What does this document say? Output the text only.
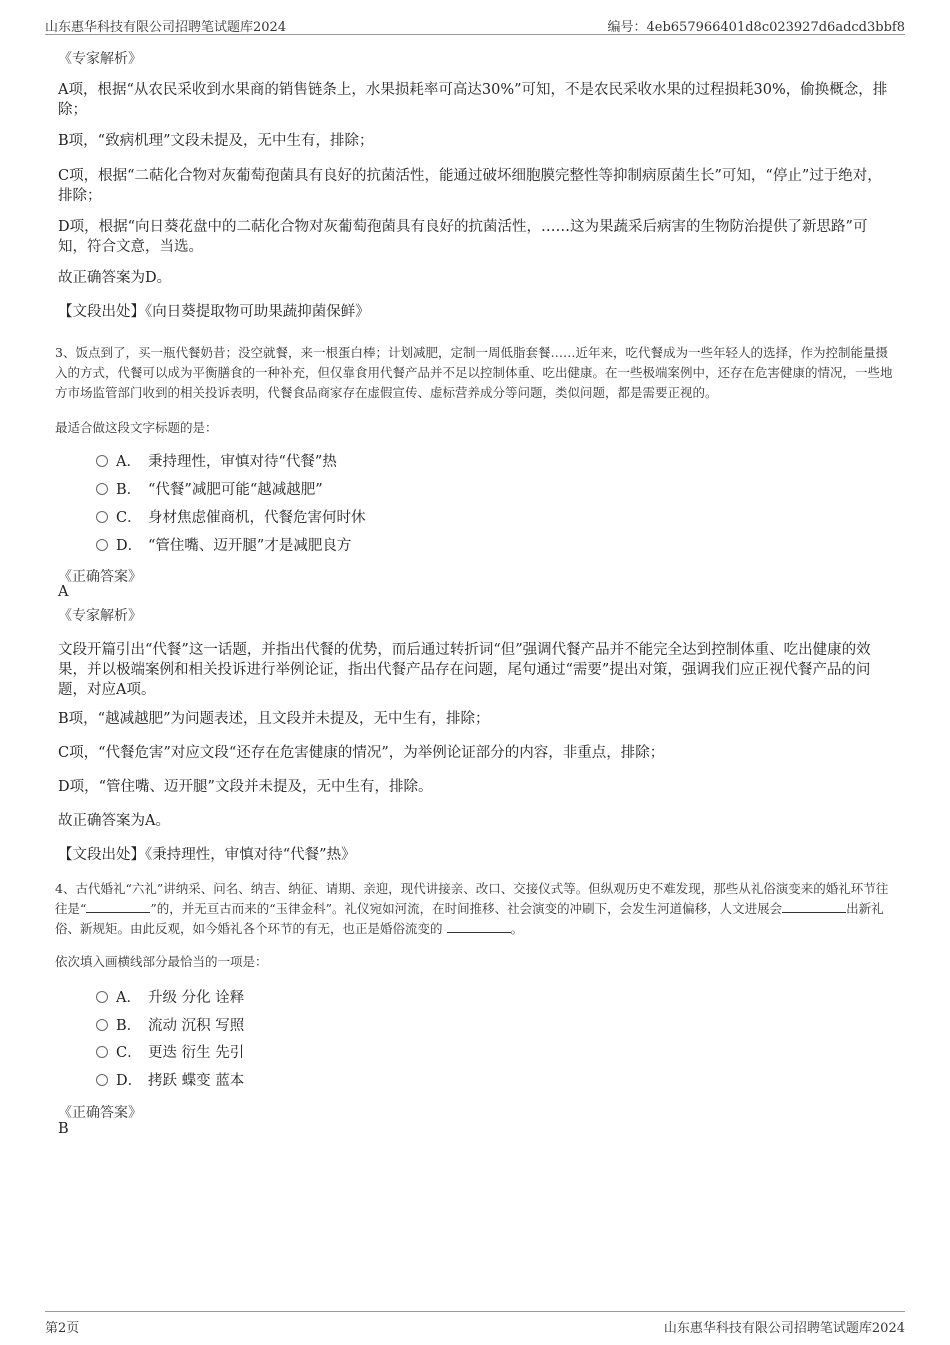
山东惠华科技有限公司招聘笔试题库2024	编号：4eb657966401d8c023927d6adcd3bbf8
《专家解析》
A项，根据“从农民采收到水果商的销售链条上，水果损耗率可高达30%”可知，不是农民采收水果的过程损耗30%，偷换概念，排除；
B项，“致病机理”文段未提及，无中生有，排除；
C项，根据“二萜化合物对灰葡萄孢菌具有良好的抗菌活性，能通过破坏细胞膜完整性等抑制病原菌生长”可知，“停止”过于绝对，排除；
D项，根据“向日葵花盘中的二萜化合物对灰葡萄孢菌具有良好的抗菌活性，……这为果蔬采后病害的生物防治提供了新思路”可知，符合文意，当选。
故正确答案为D。
【文段出处】《向日葵提取物可助果蔬抑菌保鲜》
3、饭点到了，买一瓶代餐奶昔；没空就餐，来一根蛋白棒；计划减肥，定制一周低脂套餐……近年来，吃代餐成为一些年轻人的选择，作为控制能量摄入的方式，代餐可以成为平衡膳食的一种补充，但仅靠食用代餐产品并不足以控制体重、吃出健康。在一些极端案例中，还存在危害健康的情况，一些地方市场监管部门收到的相关投诉表明，代餐食品商家存在虚假宣传、虚标营养成分等问题，类似问题，都是需要正视的。
最适合做这段文字标题的是：
A． 秉持理性，审慎对待“代餐”热
B． “代餐”减肥可能“越减越肥”
C． 身材焦虑催商机，代餐危害何时休
D． “管住嘴、迈开腿”才是减肥良方
《正确答案》
A
《专家解析》
文段开篇引出“代餐”这一话题，并指出代餐的优势，而后通过转折词“但”强调代餐产品并不能完全达到控制体重、吃出健康的效果，并以极端案例和相关投诉进行举例论证，指出代餐产品存在问题，尾句通过“需要”提出对策，强调我们应正视代餐产品的问题，对应A项。
B项，“越减越肥”为问题表述，且文段并未提及，无中生有，排除；
C项，“代餐危害”对应文段“还存在危害健康的情况”，为举例论证部分的内容，非重点，排除；
D项，“管住嘴、迈开腿”文段并未提及，无中生有，排除。
故正确答案为A。
【文段出处】《秉持理性，审慎对待“代餐”热》
4、古代婚礼“六礼”讲纳采、问名、纳吉、纳征、请期、亲迎，现代讲接亲、改口、交接仪式等。但纵观历史不难发现，那些从礼俗演变来的婚礼环节往往是“	”的，并无亘古而来的“玉律金科”。礼仪宛如河流，在时间推移、社会演变的冲刷下，会发生河道偏移，人文进展会	出新礼俗、新规矩。由此反观，如今婚礼各个环节的有无，也正是婚俗流变的	。
依次填入画横线部分最恰当的一项是：
A． 升级 分化 诠释
B． 流动 沉积 写照
C． 更迭 衍生 先引
D． 拷跃 蝶变 蓝本
《正确答案》
B
第2页	山东惠华科技有限公司招聘笔试题库2024
